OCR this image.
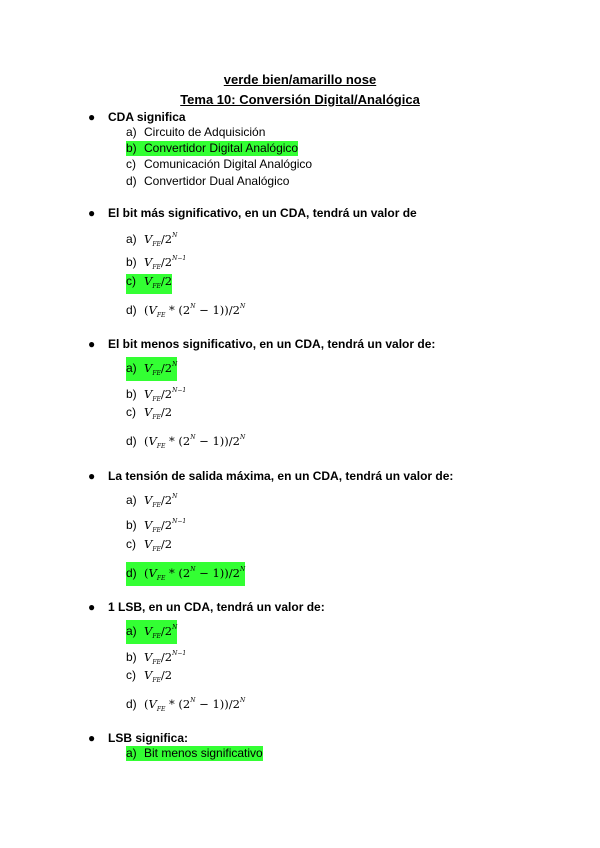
verde bien/amarillo nose
Tema 10: Conversión Digital/Analógica
● CDA significa
a) Circuito de Adquisición
b) Convertidor Digital Analógico
c) Comunicación Digital Analógico
d) Convertidor Dual Analógico
● El bit más significativo, en un CDA, tendrá un valor de
a) $V_{FE}/2^N$
b) $V_{FE}/2^{N-1}$
c) $V_{FE}/2$
d) $(V_{FE} * (2^N - 1))/2^N$
● El bit menos significativo, en un CDA, tendrá un valor de:
a) $V_{FE}/2^N$
b) $V_{FE}/2^{N-1}$
c) $V_{FE}/2$
d) $(V_{FE} * (2^N - 1))/2^N$
● La tensión de salida máxima, en un CDA, tendrá un valor de:
a) $V_{FE}/2^N$
b) $V_{FE}/2^{N-1}$
c) $V_{FE}/2$
d) $(V_{FE} * (2^N - 1))/2^N$
● 1 LSB, en un CDA, tendrá un valor de:
a) $V_{FE}/2^N$
b) $V_{FE}/2^{N-1}$
c) $V_{FE}/2$
d) $(V_{FE} * (2^N - 1))/2^N$
● LSB significa:
a) Bit menos significativo
